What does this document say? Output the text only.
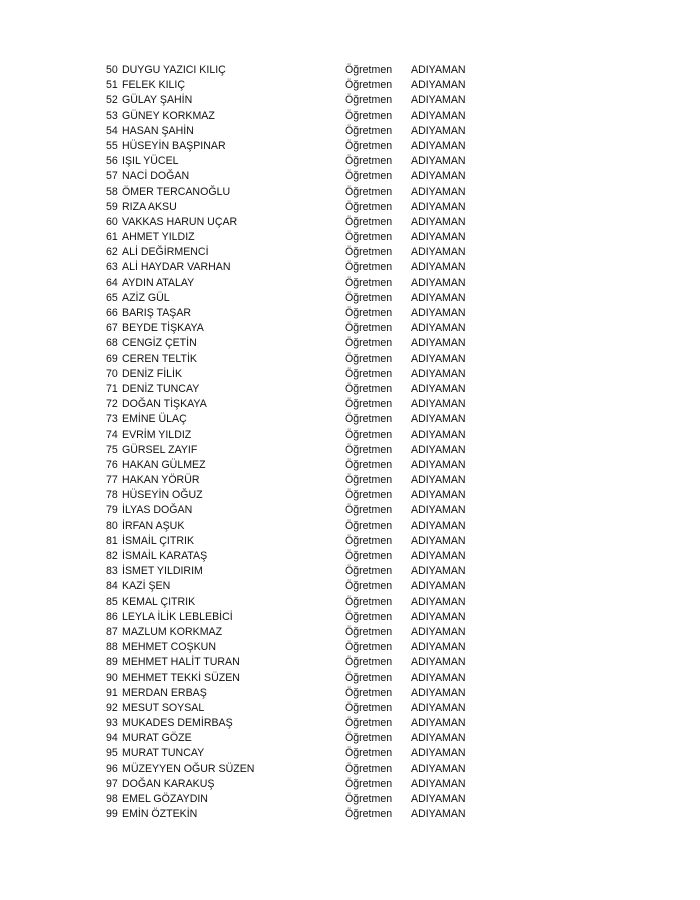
50 DUYGU YAZICI KILIÇ	Öğretmen	ADIYAMAN
51 FELEK KILIÇ	Öğretmen	ADIYAMAN
52 GÜLAY ŞAHİN	Öğretmen	ADIYAMAN
53 GÜNEY KORKMAZ	Öğretmen	ADIYAMAN
54 HASAN ŞAHİN	Öğretmen	ADIYAMAN
55 HÜSEYİN BAŞPINAR	Öğretmen	ADIYAMAN
56 IŞIL YÜCEL	Öğretmen	ADIYAMAN
57 NACİ DOĞAN	Öğretmen	ADIYAMAN
58 ÖMER TERCANOĞLU	Öğretmen	ADIYAMAN
59 RIZA AKSU	Öğretmen	ADIYAMAN
60 VAKKAS HARUN UÇAR	Öğretmen	ADIYAMAN
61 AHMET YILDIZ	Öğretmen	ADIYAMAN
62 ALİ DEĞİRMENCİ	Öğretmen	ADIYAMAN
63 ALİ HAYDAR VARHAN	Öğretmen	ADIYAMAN
64 AYDIN ATALAY	Öğretmen	ADIYAMAN
65 AZİZ GÜL	Öğretmen	ADIYAMAN
66 BARIŞ TAŞAR	Öğretmen	ADIYAMAN
67 BEYDE TİŞKAYA	Öğretmen	ADIYAMAN
68 CENGİZ ÇETİN	Öğretmen	ADIYAMAN
69 CEREN TELTİK	Öğretmen	ADIYAMAN
70 DENİZ FİLİK	Öğretmen	ADIYAMAN
71 DENİZ TUNCAY	Öğretmen	ADIYAMAN
72 DOĞAN TİŞKAYA	Öğretmen	ADIYAMAN
73 EMİNE ÜLAÇ	Öğretmen	ADIYAMAN
74 EVRİM YILDIZ	Öğretmen	ADIYAMAN
75 GÜRSEL ZAYIF	Öğretmen	ADIYAMAN
76 HAKAN GÜLMEZ	Öğretmen	ADIYAMAN
77 HAKAN YÖRÜR	Öğretmen	ADIYAMAN
78 HÜSEYİN OĞUZ	Öğretmen	ADIYAMAN
79 İLYAS DOĞAN	Öğretmen	ADIYAMAN
80 İRFAN AŞUK	Öğretmen	ADIYAMAN
81 İSMAİL ÇITRIK	Öğretmen	ADIYAMAN
82 İSMAİL KARATAŞ	Öğretmen	ADIYAMAN
83 İSMET YILDIRIM	Öğretmen	ADIYAMAN
84 KAZİ ŞEN	Öğretmen	ADIYAMAN
85 KEMAL ÇITRIK	Öğretmen	ADIYAMAN
86 LEYLA İLİK LEBLEBİCİ	Öğretmen	ADIYAMAN
87 MAZLUM KORKMAZ	Öğretmen	ADIYAMAN
88 MEHMET COŞKUN	Öğretmen	ADIYAMAN
89 MEHMET HALİT TURAN	Öğretmen	ADIYAMAN
90 MEHMET TEKKİ SÜZEN	Öğretmen	ADIYAMAN
91 MERDAN ERBAŞ	Öğretmen	ADIYAMAN
92 MESUT SOYSAL	Öğretmen	ADIYAMAN
93 MUKADES DEMİRBAŞ	Öğretmen	ADIYAMAN
94 MURAT GÖZE	Öğretmen	ADIYAMAN
95 MURAT TUNCAY	Öğretmen	ADIYAMAN
96 MÜZEYYEN OĞUR SÜZEN	Öğretmen	ADIYAMAN
97 DOĞAN KARAKUŞ	Öğretmen	ADIYAMAN
98 EMEL GÖZAYDIN	Öğretmen	ADIYAMAN
99 EMİN ÖZTEKİN	Öğretmen	ADIYAMAN
